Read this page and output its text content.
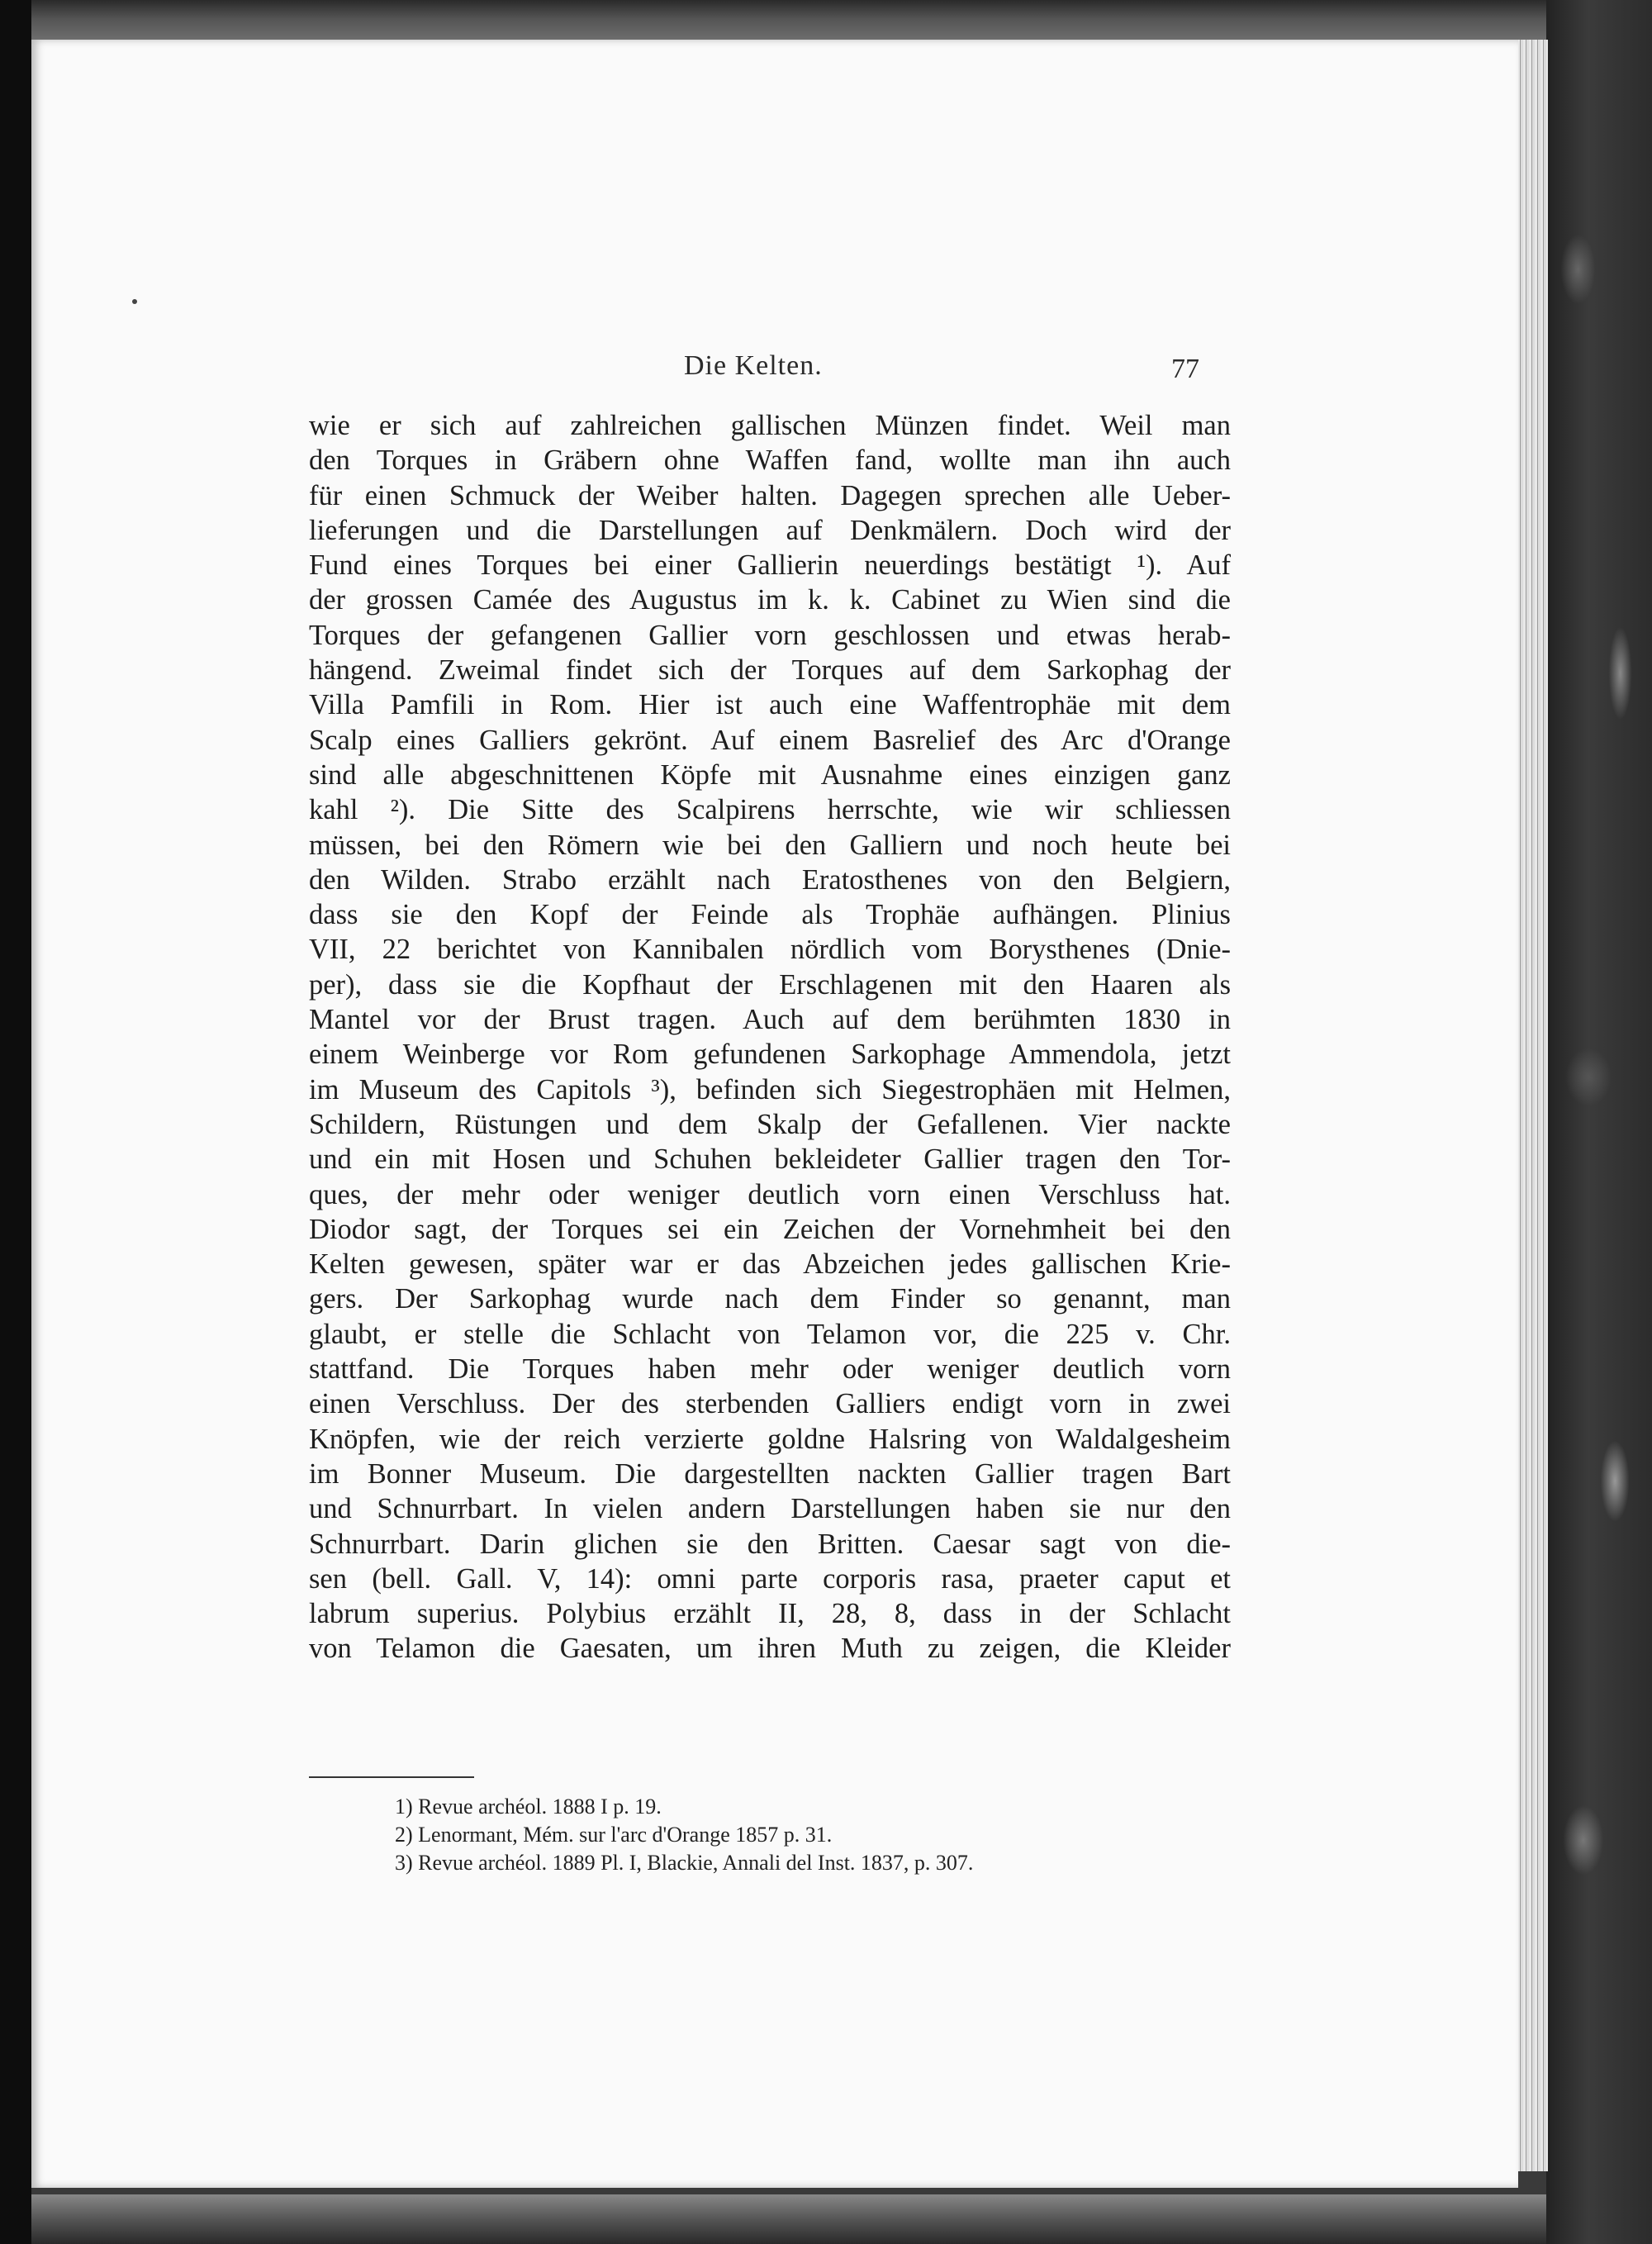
Die Kelten.	77
wie er sich auf zahlreichen gallischen Münzen findet. Weil man
den Torques in Gräbern ohne Waffen fand, wollte man ihn auch
für einen Schmuck der Weiber halten. Dagegen sprechen alle Ueber-
lieferungen und die Darstellungen auf Denkmälern. Doch wird der
Fund eines Torques bei einer Gallierin neuerdings bestätigt ¹). Auf
der grossen Camée des Augustus im k. k. Cabinet zu Wien sind die
Torques der gefangenen Gallier vorn geschlossen und etwas herab-
hängend. Zweimal findet sich der Torques auf dem Sarkophag der
Villa Pamfili in Rom. Hier ist auch eine Waffentrophäe mit dem
Scalp eines Galliers gekrönt. Auf einem Basrelief des Arc d'Orange
sind alle abgeschnittenen Köpfe mit Ausnahme eines einzigen ganz
kahl ²). Die Sitte des Scalpirens herrschte, wie wir schliessen
müssen, bei den Römern wie bei den Galliern und noch heute bei
den Wilden. Strabo erzählt nach Eratosthenes von den Belgiern,
dass sie den Kopf der Feinde als Trophäe aufhängen. Plinius
VII, 22 berichtet von Kannibalen nördlich vom Borysthenes (Dnie-
per), dass sie die Kopfhaut der Erschlagenen mit den Haaren als
Mantel vor der Brust tragen. Auch auf dem berühmten 1830 in
einem Weinberge vor Rom gefundenen Sarkophage Ammendola, jetzt
im Museum des Capitols ³), befinden sich Siegestrophäen mit Helmen,
Schildern, Rüstungen und dem Skalp der Gefallenen. Vier nackte
und ein mit Hosen und Schuhen bekleideter Gallier tragen den Tor-
ques, der mehr oder weniger deutlich vorn einen Verschluss hat.
Diodor sagt, der Torques sei ein Zeichen der Vornehmheit bei den
Kelten gewesen, später war er das Abzeichen jedes gallischen Krie-
gers. Der Sarkophag wurde nach dem Finder so genannt, man
glaubt, er stelle die Schlacht von Telamon vor, die 225 v. Chr.
stattfand. Die Torques haben mehr oder weniger deutlich vorn
einen Verschluss. Der des sterbenden Galliers endigt vorn in zwei
Knöpfen, wie der reich verzierte goldne Halsring von Waldalgesheim
im Bonner Museum. Die dargestellten nackten Gallier tragen Bart
und Schnurrbart. In vielen andern Darstellungen haben sie nur den
Schnurrbart. Darin glichen sie den Britten. Caesar sagt von die-
sen (bell. Gall. V, 14): omni parte corporis rasa, praeter caput et
labrum superius. Polybius erzählt II, 28, 8, dass in der Schlacht
von Telamon die Gaesaten, um ihren Muth zu zeigen, die Kleider
1) Revue archéol. 1888 I p. 19.
2) Lenormant, Mém. sur l'arc d'Orange 1857 p. 31.
3) Revue archéol. 1889 Pl. I, Blackie, Annali del Inst. 1837, p. 307.
